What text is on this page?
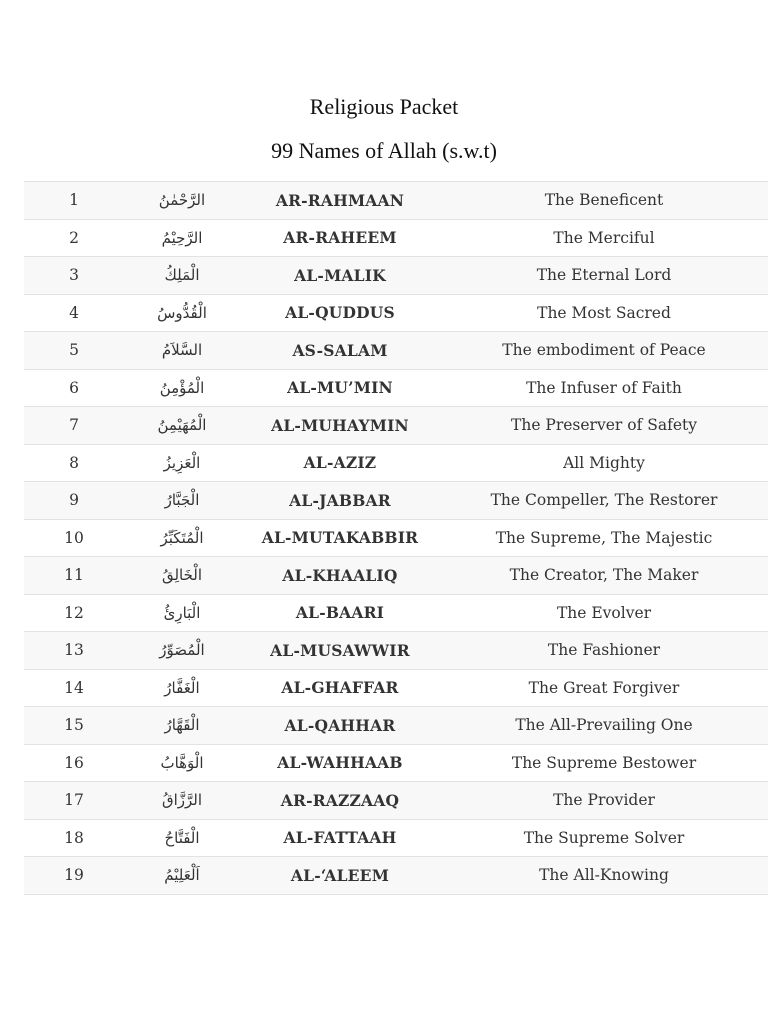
Religious Packet
99 Names of Allah (s.w.t)
1	الرَّحْمٰنُ	AR-RAHMAAN	The Beneficent
2	الرَّحِيْمُ	AR-RAHEEM	The Merciful
3	الْمَلِكُ	AL-MALIK	The Eternal Lord
4	الْقُدُّوسُ	AL-QUDDUS	The Most Sacred
5	السَّلاَمُ	AS-SALAM	The embodiment of Peace
6	الْمُؤْمِنُ	AL-MU’MIN	The Infuser of Faith
7	الْمُهَيْمِنُ	AL-MUHAYMIN	The Preserver of Safety
8	الْعَزِيزُ	AL-AZIZ	All Mighty
9	الْجَبَّارُ	AL-JABBAR	The Compeller, The Restorer
10	الْمُتَكَبِّرُ	AL-MUTAKABBIR	The Supreme, The Majestic
11	الْخَالِقُ	AL-KHAALIQ	The Creator, The Maker
12	الْبَارِئُ	AL-BAARI	The Evolver
13	الْمُصَوِّرُ	AL-MUSAWWIR	The Fashioner
14	الْغَفَّارُ	AL-GHAFFAR	The Great Forgiver
15	الْقَهَّارُ	AL-QAHHAR	The All-Prevailing One
16	الْوَهَّابُ	AL-WAHHAAB	The Supreme Bestower
17	الرَّزَّاقُ	AR-RAZZAAQ	The Provider
18	الْفَتَّاحُ	AL-FATTAAH	The Supreme Solver
19	اَلْعَلِيْمُ	AL-‘ALEEM	The All-Knowing
